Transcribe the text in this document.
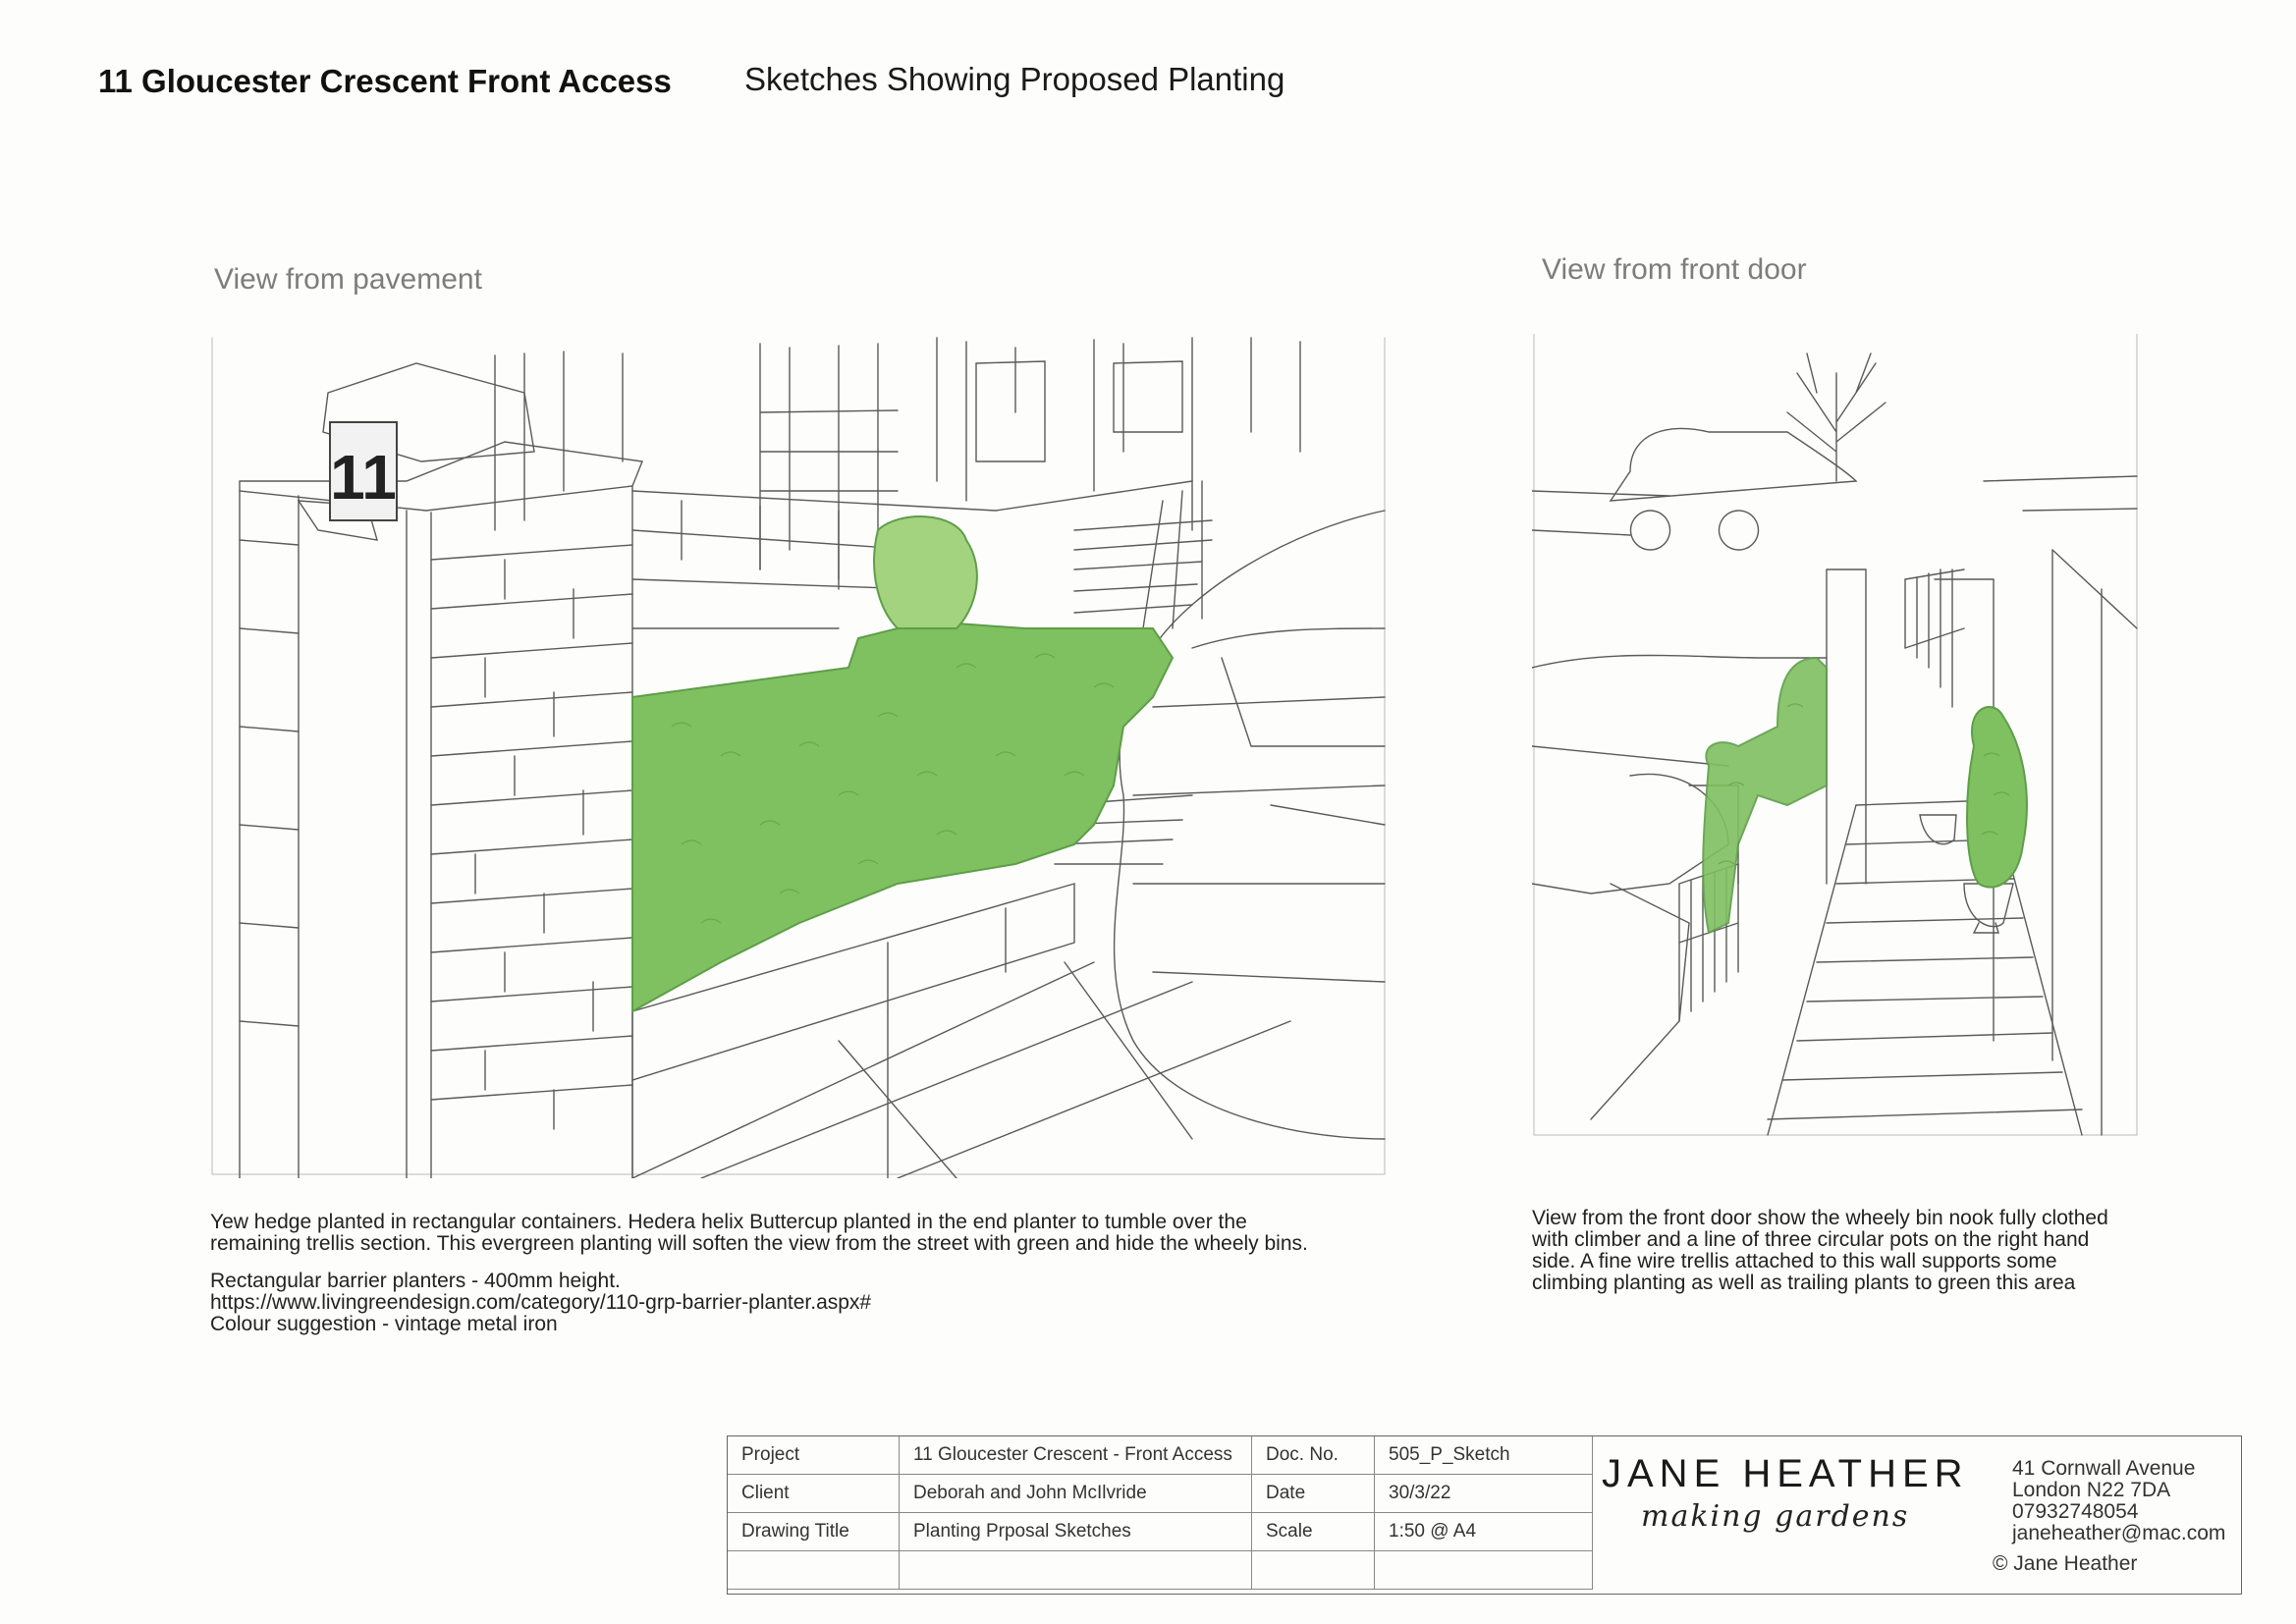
11 Gloucester Crescent Front Access Sketches Showing Proposed Planting
View from pavement
11

Yew hedge planted in rectangular containers. Hedera helix Buttercup planted in the end planter to tumble over the

remaining trellis section. This evergreen planting will soften the view from the street with green and hide the wheely bins.

Rectangular barrier planters - 400mm height.

https://www.livingreendesign.com/category/110-grp-barrier-planter.aspx#

Colour suggestion - vintage metal iron

View from front door

View from the front door show the wheely bin nook fully clothed

with climber and a line of three circular pots on the right hand

side. A fine wire trellis attached to this wall supports some

climbing planting as well as trailing plants to green this area

Project	11 Gloucester Crescent - Front Access	Doc. No.	505_P_Sketch
Client	Deborah and John McIlvride	Date	30/3/22
Drawing Title	Planting Prposal Sketches	Scale	1:50 @ A4

JANE HEATHER
making gardens
41 Cornwall Avenue
London N22 7DA
07932748054
janeheather@mac.com
© Jane Heather
